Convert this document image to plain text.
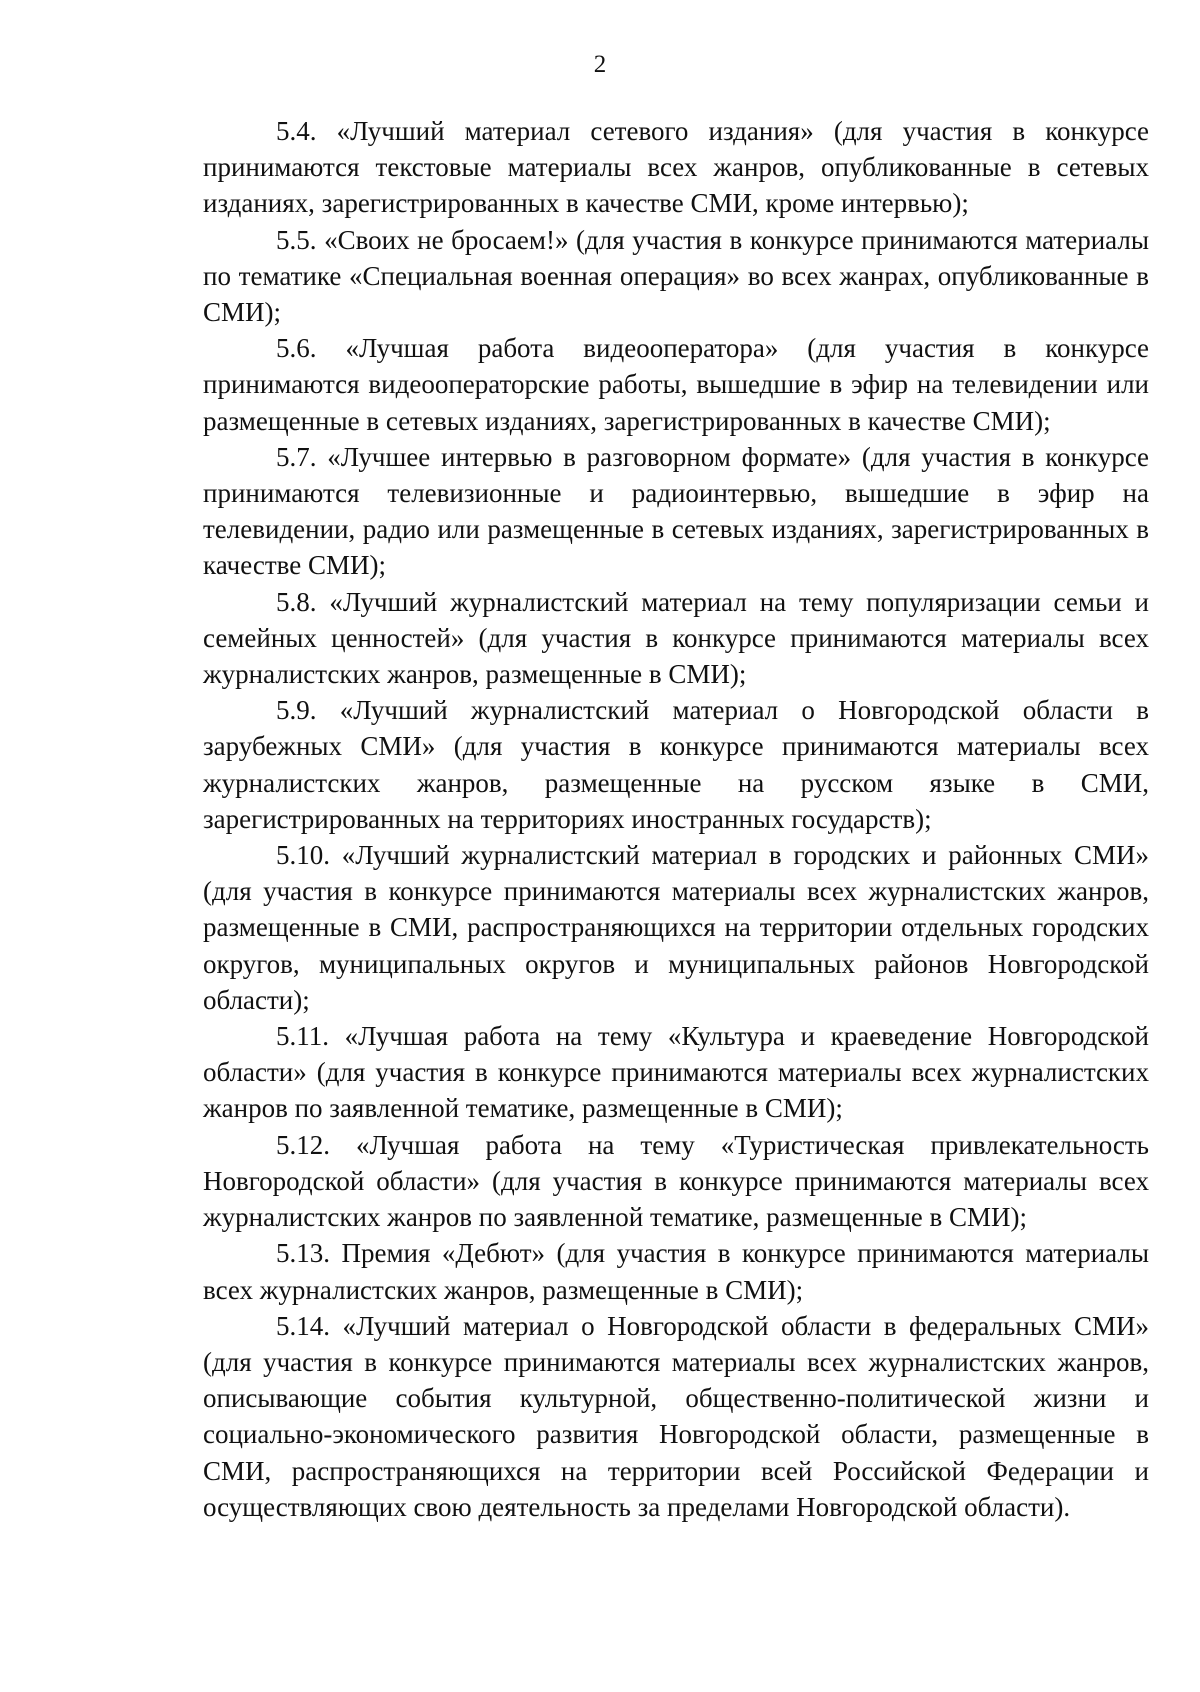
2

5.4. «Лучший материал сетевого издания» (для участия в конкурсе принимаются текстовые материалы всех жанров, опубликованные в сетевых изданиях, зарегистрированных в качестве СМИ, кроме интервью);

5.5. «Своих не бросаем!» (для участия в конкурсе принимаются материалы по тематике «Специальная военная операция» во всех жанрах, опубликованные в СМИ);

5.6. «Лучшая работа видеооператора» (для участия в конкурсе принимаются видеооператорские работы, вышедшие в эфир на телевидении или размещенные в сетевых изданиях, зарегистрированных в качестве СМИ);

5.7. «Лучшее интервью в разговорном формате» (для участия в конкурсе принимаются телевизионные и радиоинтервью, вышедшие в эфир на телевидении, радио или размещенные в сетевых изданиях, зарегистрированных в качестве СМИ);

5.8. «Лучший журналистский материал на тему популяризации семьи и семейных ценностей» (для участия в конкурсе принимаются материалы всех журналистских жанров, размещенные в СМИ);

5.9. «Лучший журналистский материал о Новгородской области в зарубежных СМИ» (для участия в конкурсе принимаются материалы всех журналистских жанров, размещенные на русском языке в СМИ, зарегистрированных на территориях иностранных государств);

5.10. «Лучший журналистский материал в городских и районных СМИ» (для участия в конкурсе принимаются материалы всех журналистских жанров, размещенные в СМИ, распространяющихся на территории отдельных городских округов, муниципальных округов и муниципальных районов Новгородской области);

5.11. «Лучшая работа на тему «Культура и краеведение Новгородской области» (для участия в конкурсе принимаются материалы всех журналистских жанров по заявленной тематике, размещенные в СМИ);

5.12. «Лучшая работа на тему «Туристическая привлекательность Новгородской области» (для участия в конкурсе принимаются материалы всех журналистских жанров по заявленной тематике, размещенные в СМИ);

5.13. Премия «Дебют» (для участия в конкурсе принимаются материалы всех журналистских жанров, размещенные в СМИ);

5.14. «Лучший материал о Новгородской области в федеральных СМИ» (для участия в конкурсе принимаются материалы всех журналистских жанров, описывающие события культурной, общественно-политической жизни и социально-экономического развития Новгородской области, размещенные в СМИ, распространяющихся на территории всей Российской Федерации и осуществляющих свою деятельность за пределами Новгородской области).
